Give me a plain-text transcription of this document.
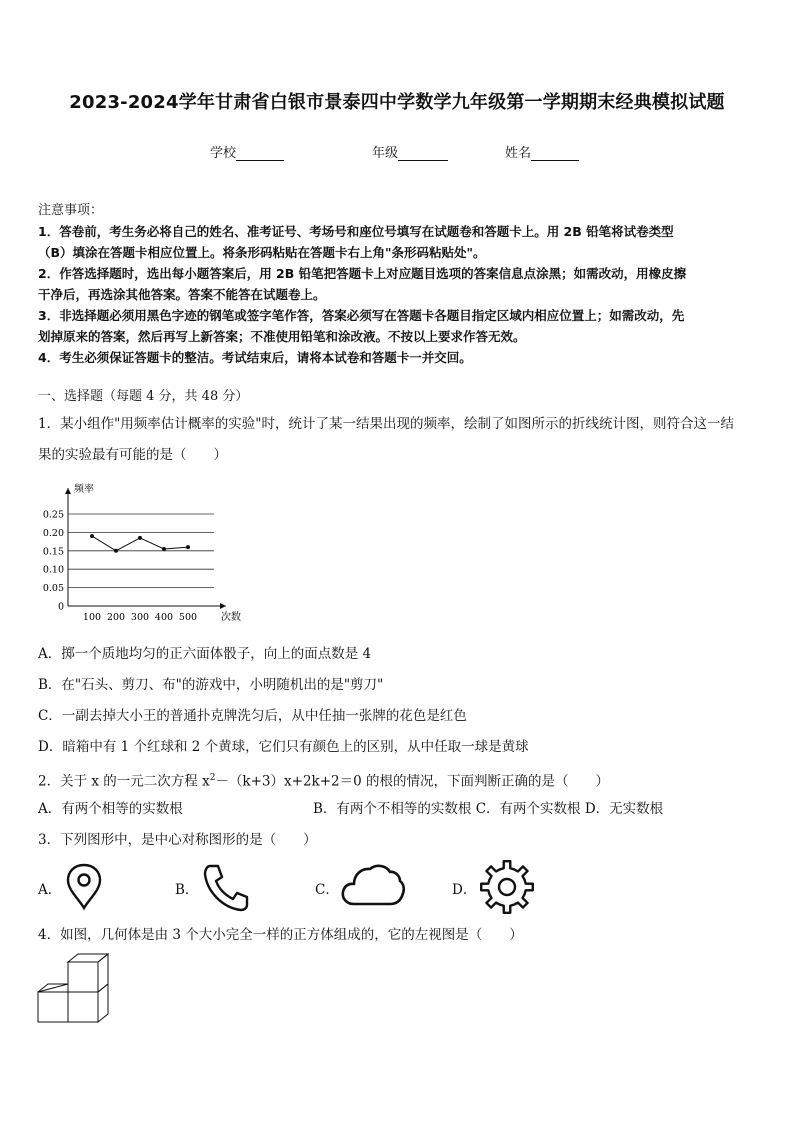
2023-2024学年甘肃省白银市景泰四中学数学九年级第一学期期末经典模拟试题
学校	年级	姓名
注意事项：
1．答卷前，考生务必将自己的姓名、准考证号、考场号和座位号填写在试题卷和答题卡上。用 2B 铅笔将试卷类型
（B）填涂在答题卡相应位置上。将条形码粘贴在答题卡右上角"条形码粘贴处"。
2．作答选择题时，选出每小题答案后，用 2B 铅笔把答题卡上对应题目选项的答案信息点涂黑；如需改动，用橡皮擦
干净后，再选涂其他答案。答案不能答在试题卷上。
3．非选择题必须用黑色字迹的钢笔或签字笔作答，答案必须写在答题卡各题目指定区域内相应位置上；如需改动，先
划掉原来的答案，然后再写上新答案；不准使用铅笔和涂改液。不按以上要求作答无效。
4．考生必须保证答题卡的整洁。考试结束后，请将本试卷和答题卡一并交回。
一、选择题（每题 4 分，共 48 分）
1．某小组作"用频率估计概率的实验"时，统计了某一结果出现的频率，绘制了如图所示的折线统计图，则符合这一结
果的实验最有可能的是（　　）
0.25
0.20
0.15
0.10
0.05
0
100 200 300 400 500
频率
次数
A．掷一个质地均匀的正六面体骰子，向上的面点数是 4
B．在"石头、剪刀、布"的游戏中，小明随机出的是"剪刀"
C．一副去掉大小王的普通扑克牌洗匀后，从中任抽一张牌的花色是红色
D．暗箱中有 1 个红球和 2 个黄球，它们只有颜色上的区别，从中任取一球是黄球
2．关于 x 的一元二次方程 $x^2-(k+3)x+2k+2=0$ 的根的情况，下面判断正确的是（　　）
A．有两个相等的实数根	B．有两个不相等的实数根 C．有两个实数根 D．无实数根
3．下列图形中，是中心对称图形的是（　　）
A．	B．	C．	D．
4．如图，几何体是由 3 个大小完全一样的正方体组成的，它的左视图是（　　）
